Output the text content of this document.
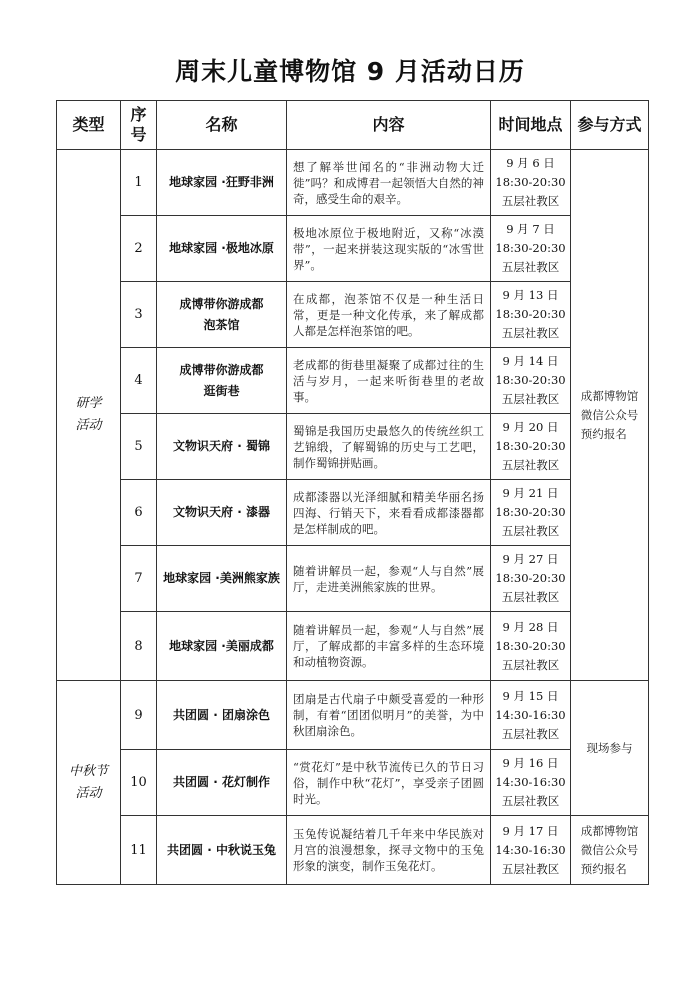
周末儿童博物馆 9 月活动日历
类型	序号	名称	内容	时间地点	参与方式

研学
活动	1	地球家园 ·狂野非洲	想了解举世闻名的“非洲动物大迁徙”吗？和成博君一起领悟大自然的神奇，感受生命的艰辛。	9 月 6 日
18:30-20:30
五层社教区	成都博物馆
微信公众号
预约报名

	2	地球家园 ·极地冰原	极地冰原位于极地附近，又称“冰漠带”，一起来拼装这现实版的“冰雪世界”。	9 月 7 日
18:30-20:30
五层社教区	

	3	成博带你游成都
泡茶馆	在成都，泡茶馆不仅是一种生活日常，更是一种文化传承，来了解成都人都是怎样泡茶馆的吧。	9 月 13 日
18:30-20:30
五层社教区	

	4	成博带你游成都
逛街巷	老成都的街巷里凝聚了成都过往的生活与岁月，一起来听街巷里的老故事。	9 月 14 日
18:30-20:30
五层社教区	

	5	文物识天府 · 蜀锦	蜀锦是我国历史最悠久的传统丝织工艺锦缎，了解蜀锦的历史与工艺吧，制作蜀锦拼贴画。	9 月 20 日
18:30-20:30
五层社教区	

	6	文物识天府 · 漆器	成都漆器以光泽细腻和精美华丽名扬四海、行销天下，来看看成都漆器都是怎样制成的吧。	9 月 21 日
18:30-20:30
五层社教区	

	7	地球家园 ·美洲熊家族	随着讲解员一起，参观“人与自然”展厅，走进美洲熊家族的世界。	9 月 27 日
18:30-20:30
五层社教区	

	8	地球家园 ·美丽成都	随着讲解员一起，参观“人与自然”展厅，了解成都的丰富多样的生态环境和动植物资源。	9 月 28 日
18:30-20:30
五层社教区	

中秋节
活动	9	共团圆 · 团扇涂色	团扇是古代扇子中颇受喜爱的一种形制，有着“团团似明月”的美誉，为中秋团扇涂色。	9 月 15 日
14:30-16:30
五层社教区	现场参与

	10	共团圆 · 花灯制作	“赏花灯”是中秋节流传已久的节日习俗，制作中秋“花灯”，享受亲子团圆时光。	9 月 16 日
14:30-16:30
五层社教区	

	11	共团圆 · 中秋说玉兔	玉兔传说凝结着几千年来中华民族对月宫的浪漫想象，探寻文物中的玉兔形象的演变，制作玉兔花灯。	9 月 17 日
14:30-16:30
五层社教区	成都博物馆
微信公众号
预约报名
